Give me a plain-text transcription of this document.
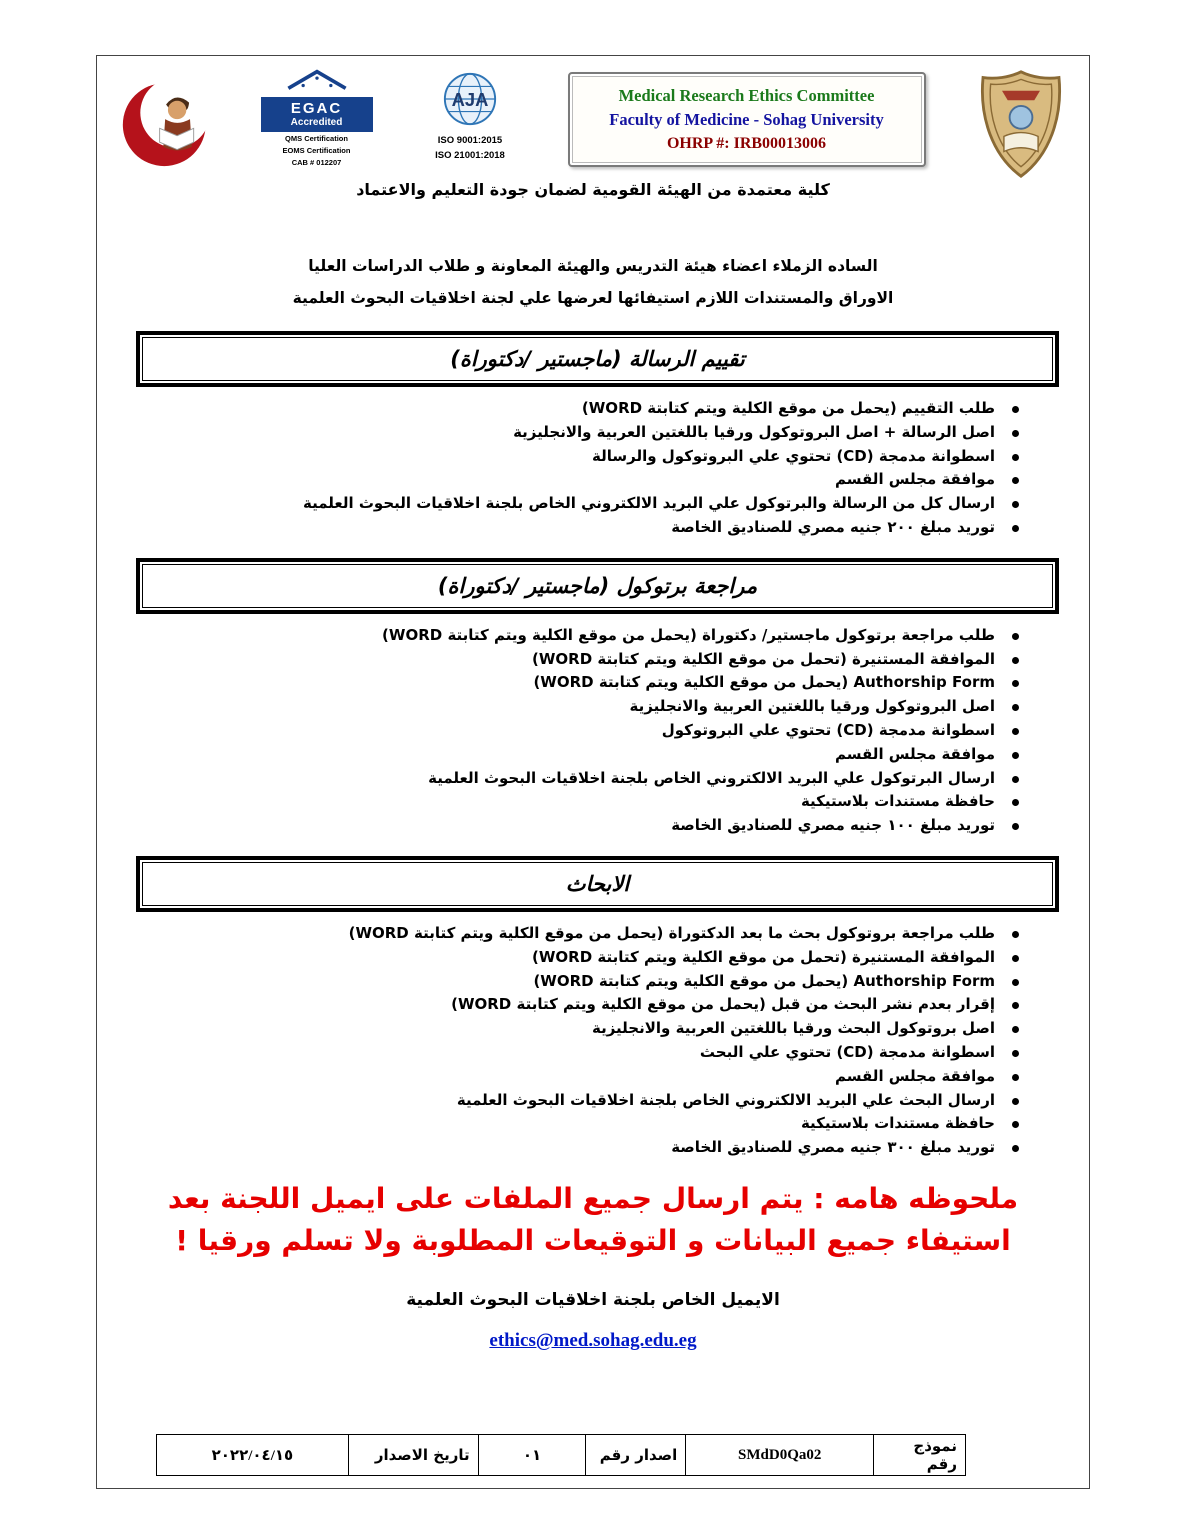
EGAC
Accredited
QMS Certification
EOMS Certification
CAB # 012207
AJA
ISO 9001:2015
ISO 21001:2018
Medical Research Ethics Committee
Faculty of Medicine - Sohag University
OHRP #: IRB00013006
كلية معتمدة من الهيئة القومية لضمان جودة التعليم والاعتماد
الساده الزملاء اعضاء هيئة التدريس والهيئة المعاونة و طلاب الدراسات العليا
الاوراق والمستندات اللازم استيفائها لعرضها علي لجنة اخلاقيات البحوث العلمية
تقييم الرسالة (ماجستير /دكتوراة)
طلب التقييم (يحمل من موقع الكلية ويتم كتابتة WORD)
اصل الرسالة + اصل البروتوكول ورقيا باللغتين العربية والانجليزية
اسطوانة مدمجة (CD) تحتوي علي البروتوكول والرسالة
موافقة مجلس القسم
ارسال كل من الرسالة والبرتوكول علي البريد الالكتروني الخاص بلجنة اخلاقيات البحوث العلمية
توريد مبلغ ٢٠٠ جنيه مصري للصناديق الخاصة
مراجعة برتوكول (ماجستير /دكتوراة)
طلب مراجعة برتوكول ماجستير/ دكتوراة (يحمل من موقع الكلية ويتم كتابتة WORD)
الموافقة المستنيرة (تحمل من موقع الكلية ويتم كتابتة WORD)
Authorship Form (يحمل من موقع الكلية ويتم كتابتة WORD)
اصل البروتوكول ورقيا باللغتين العربية والانجليزية
اسطوانة مدمجة (CD) تحتوي علي البروتوكول
موافقة مجلس القسم
ارسال البرتوكول علي البريد الالكتروني الخاص بلجنة اخلاقيات البحوث العلمية
حافظة مستندات بلاستيكية
توريد مبلغ ١٠٠ جنيه مصري للصناديق الخاصة
الابحاث
طلب مراجعة بروتوكول بحث ما بعد الدكتوراة (يحمل من موقع الكلية ويتم كتابتة WORD)
الموافقة المستنيرة (تحمل من موقع الكلية ويتم كتابتة WORD)
Authorship Form (يحمل من موقع الكلية ويتم كتابتة WORD)
إقرار بعدم نشر البحث من قبل (يحمل من موقع الكلية ويتم كتابتة WORD)
اصل بروتوكول البحث ورقيا باللغتين العربية والانجليزية
اسطوانة مدمجة (CD) تحتوي علي البحث
موافقة مجلس القسم
ارسال البحث علي البريد الالكتروني الخاص بلجنة اخلاقيات البحوث العلمية
حافظة مستندات بلاستيكية
توريد مبلغ ٣٠٠ جنيه مصري للصناديق الخاصة
ملحوظه هامه : يتم ارسال جميع الملفات على ايميل اللجنة بعد استيفاء جميع البيانات و التوقيعات المطلوبة ولا تسلم ورقيا !
الايميل الخاص بلجنة اخلاقيات البحوث العلمية
ethics@med.sohag.edu.eg
نموذج رقم	SMdD0Qa02	اصدار رقم	٠١	تاريخ الاصدار	٢٠٢٢/٠٤/١٥
